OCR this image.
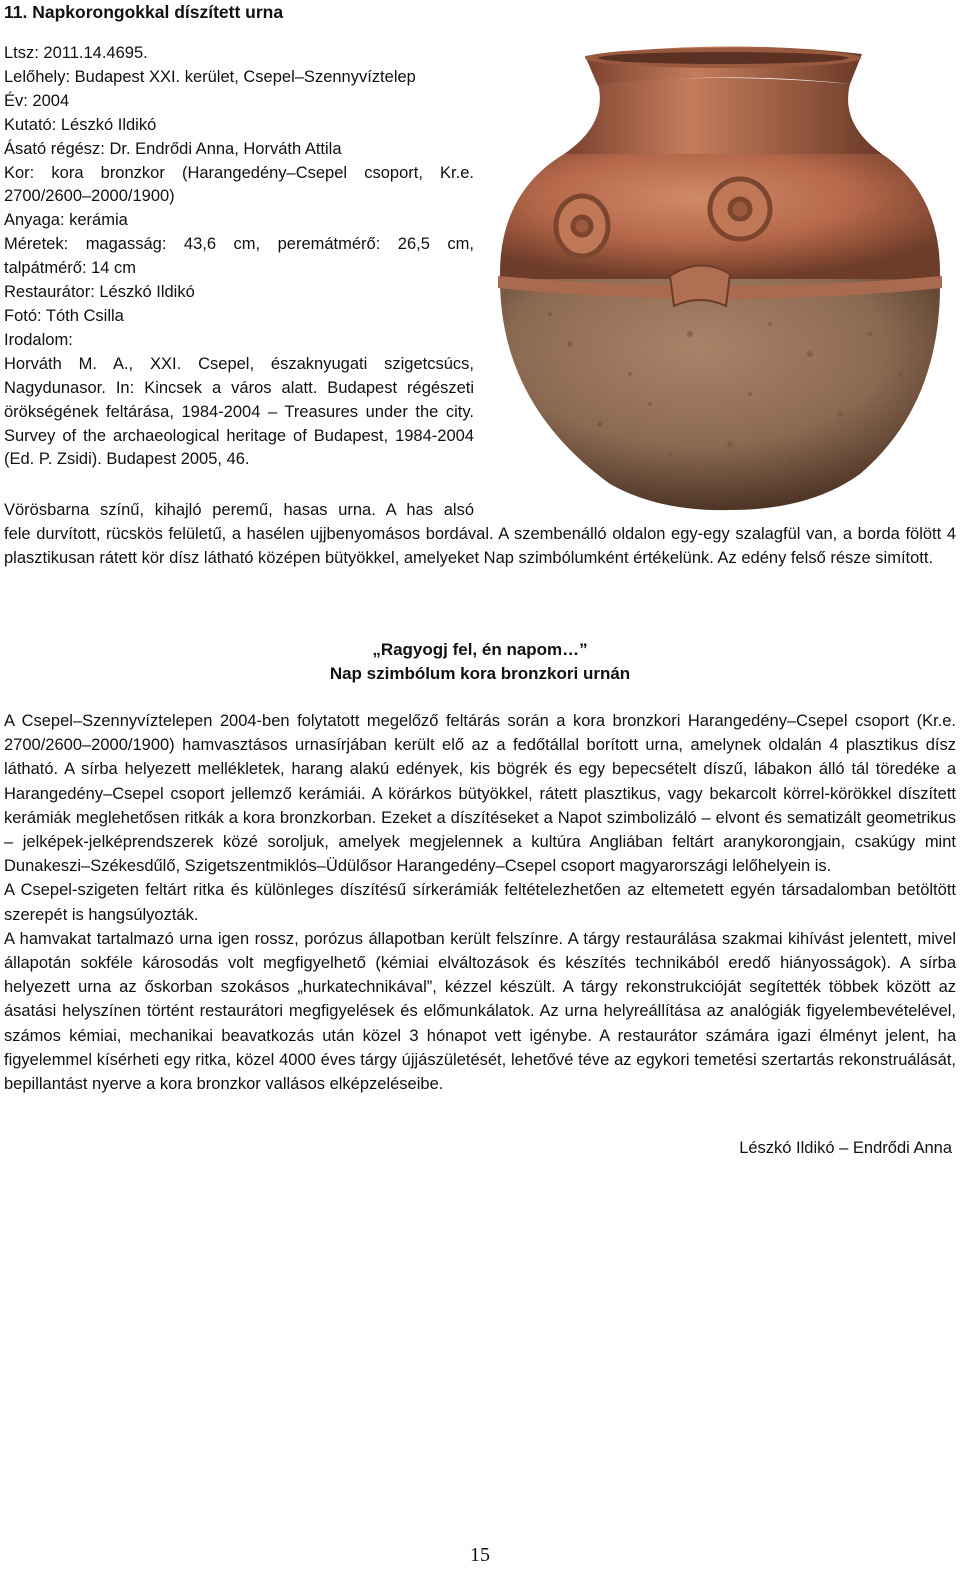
11. Napkorongokkal díszített urna
Ltsz: 2011.14.4695.
Lelőhely: Budapest XXI. kerület, Csepel–Szennyvíztelep
Év: 2004
Kutató: Lészkó Ildikó
Ásató régész: Dr. Endrődi Anna, Horváth Attila
Kor: kora bronzkor (Harangedény–Csepel csoport, Kr.e.
2700/2600–2000/1900)
Anyaga: kerámia
Méretek: magasság: 43,6 cm, peremátmérő: 26,5 cm,
talpátmérő: 14 cm
Restaurátor: Lészkó Ildikó
Fotó: Tóth Csilla
Irodalom:
Horváth M. A., XXI. Csepel, északnyugati szigetcsúcs, Nagydunasor. In: Kincsek a város alatt. Budapest régészeti örökségének feltárása, 1984-2004 – Treasures under the city. Survey of the archaeological heritage of Budapest, 1984-2004 (Ed. P. Zsidi). Budapest 2005, 46.
Vörösbarna színű, kihajló peremű, hasas urna. A has alsó
fele durvított, rücskös felületű, a hasélen ujjbenyomásos bordával. A szembenálló oldalon egy-egy szalagfül van, a borda fölött 4 plasztikusan rátett kör dísz látható középen bütyökkel, amelyeket Nap szimbólumként értékelünk. Az edény felső része simított.
„Ragyogj fel, én napom…”
Nap szimbólum kora bronzkori urnán

A Csepel–Szennyvíztelepen 2004-ben folytatott megelőző feltárás során a kora bronzkori Harangedény–Csepel csoport (Kr.e. 2700/2600–2000/1900) hamvasztásos urnasírjában került elő az a fedőtállal borított urna, amelynek oldalán 4 plasztikus dísz látható. A sírba helyezett mellékletek, harang alakú edények, kis bögrék és egy bepecsételt díszű, lábakon álló tál töredéke a Harangedény–Csepel csoport jellemző kerámiái. A körárkos bütyökkel, rátett plasztikus, vagy bekarcolt körrel-körökkel díszített kerámiák meglehetősen ritkák a kora bronzkorban. Ezeket a díszítéseket a Napot szimbolizáló – elvont és sematizált geometrikus – jelképek-jelképrendszerek közé soroljuk, amelyek megjelennek a kultúra Angliában feltárt aranykorongjain, csakúgy mint Dunakeszi–Székesdűlő, Szigetszentmiklós–Üdülősor Harangedény–Csepel csoport magyarországi lelőhelyein is.

A Csepel-szigeten feltárt ritka és különleges díszítésű sírkerámiák feltételezhetően az eltemetett egyén társadalomban betöltött szerepét is hangsúlyozták.

A hamvakat tartalmazó urna igen rossz, porózus állapotban került felszínre. A tárgy restaurálása szakmai kihívást jelentett, mivel állapotán sokféle károsodás volt megfigyelhető (kémiai elváltozások és készítés technikából eredő hiányosságok). A sírba helyezett urna az őskorban szokásos „hurkatechnikával”, kézzel készült. A tárgy rekonstrukcióját segítették többek között az ásatási helyszínen történt restaurátori megfigyelések és előmunkálatok. Az urna helyreállítása az analógiák figyelembevételével, számos kémiai, mechanikai beavatkozás után közel 3 hónapot vett igénybe. A restaurátor számára igazi élményt jelent, ha figyelemmel kísérheti egy ritka, közel 4000 éves tárgy újjászületését, lehetővé téve az egykori temetési szertartás rekonstruálását, bepillantást nyerve a kora bronzkor vallásos elképzeléseibe.

Lészkó Ildikó – Endrődi Anna
15
